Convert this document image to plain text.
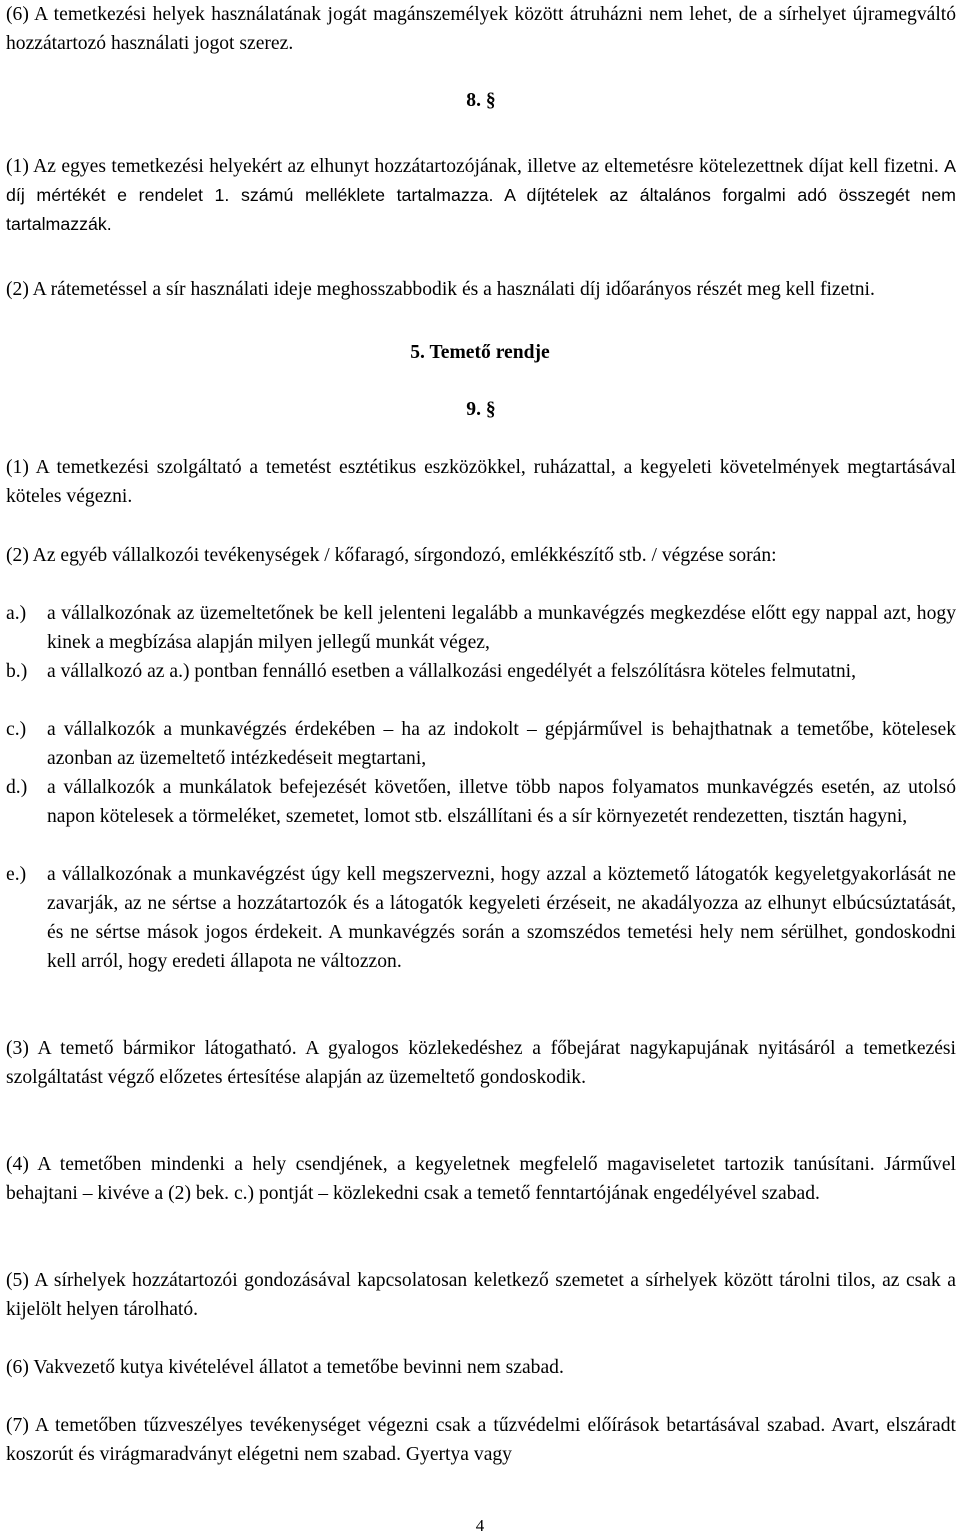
(6) A temetkezési helyek használatának jogát magánszemélyek között átruházni nem lehet, de a sírhelyet újramegváltó hozzátartozó használati jogot szerez.
8. §
(1) Az egyes temetkezési helyekért az elhunyt hozzátartozójának, illetve az eltemetésre kötelezettnek díjat kell fizetni. A díj mértékét e rendelet 1. számú melléklete tartalmazza. A díjtételek az általános forgalmi adó összegét nem tartalmazzák.
(2) A rátemetéssel a sír használati ideje meghosszabbodik és a használati díj időarányos részét meg kell fizetni.
5. Temető rendje
9. §
(1) A temetkezési szolgáltató a temetést esztétikus eszközökkel, ruházattal, a kegyeleti követelmények megtartásával köteles végezni.
(2) Az egyéb vállalkozói tevékenységek / kőfaragó, sírgondozó, emlékkészítő stb. / végzése során:
a.) a vállalkozónak az üzemeltetőnek be kell jelenteni legalább a munkavégzés megkezdése előtt egy nappal azt, hogy kinek a megbízása alapján milyen jellegű munkát végez,
b.) a vállalkozó az a.) pontban fennálló esetben a vállalkozási engedélyét a felszólításra köteles felmutatni,
c.) a vállalkozók a munkavégzés érdekében – ha az indokolt – gépjárművel is behajthatnak a temetőbe, kötelesek azonban az üzemeltető intézkedéseit megtartani,
d.) a vállalkozók a munkálatok befejezését követően, illetve több napos folyamatos munkavégzés esetén, az utolsó napon kötelesek a törmeléket, szemetet, lomot stb. elszállítani és a sír környezetét rendezetten, tisztán hagyni,
e.) a vállalkozónak a munkavégzést úgy kell megszervezni, hogy azzal a köztemető látogatók kegyeletgyakorlását ne zavarják, az ne sértse a hozzátartozók és a látogatók kegyeleti érzéseit, ne akadályozza az elhunyt elbúcsúztatását, és ne sértse mások jogos érdekeit. A munkavégzés során a szomszédos temetési hely nem sérülhet, gondoskodni kell arról, hogy eredeti állapota ne változzon.
(3) A temető bármikor látogatható. A gyalogos közlekedéshez a főbejárat nagykapujának nyitásáról a temetkezési szolgáltatást végző előzetes értesítése alapján az üzemeltető gondoskodik.
(4) A temetőben mindenki a hely csendjének, a kegyeletnek megfelelő magaviseletet tartozik tanúsítani. Járművel behajtani – kivéve a (2) bek. c.) pontját – közlekedni csak a temető fenntartójának engedélyével szabad.
(5) A sírhelyek hozzátartozói gondozásával kapcsolatosan keletkező szemetet a sírhelyek között tárolni tilos, az csak a kijelölt helyen tárolható.
(6) Vakvezető kutya kivételével állatot a temetőbe bevinni nem szabad.
(7) A temetőben tűzveszélyes tevékenységet végezni csak a tűzvédelmi előírások betartásával szabad. Avart, elszáradt koszorút és virágmaradványt elégetni nem szabad. Gyertya vagy
4
